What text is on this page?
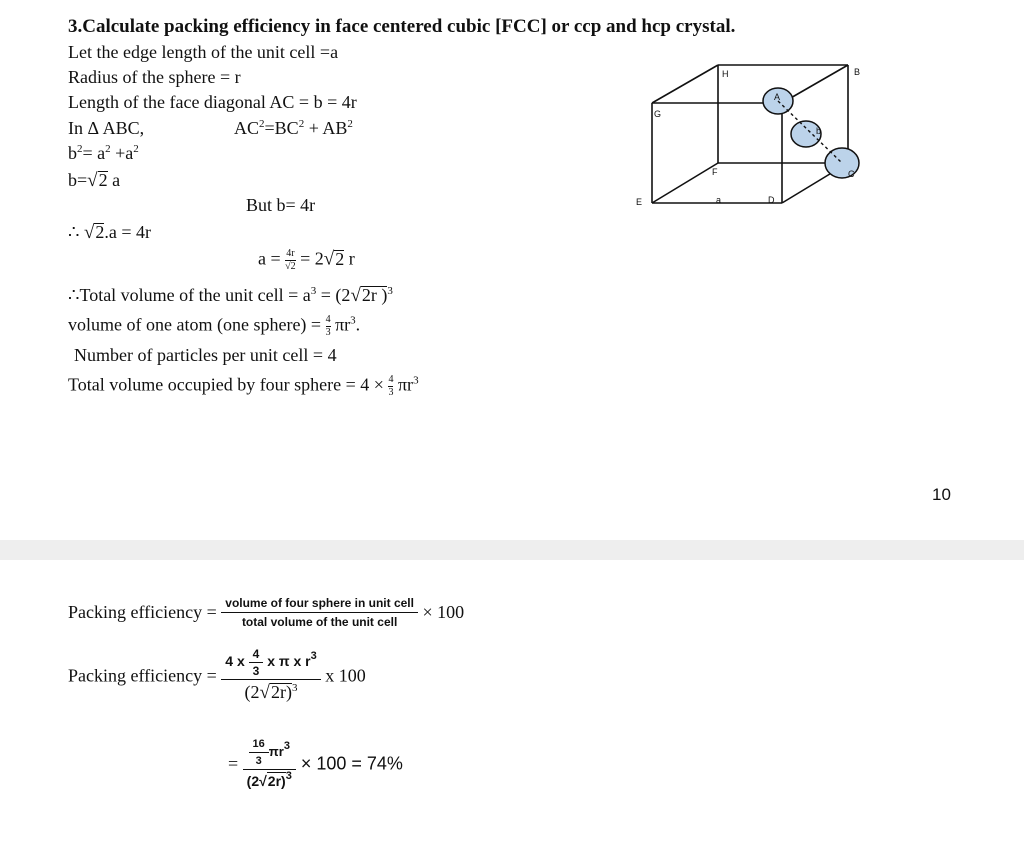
3.Calculate packing efficiency in face centered cubic [FCC] or ccp and hcp crystal.
Let the edge length of the unit cell =a
Radius of the sphere = r
Length of the face diagonal AC = b = 4r
In Δ ABC,	$AC^2=BC^2 + AB^2$
$b^2= a^2 +a^2$
b=√2 a
But b= 4r
∴ √2.a = 4r
$a = \frac{4r}{√2} = 2√2$ r
∴Total volume of the unit cell = $a^3 = (2√2r$ )$^3$
volume of one atom (one sphere) = $\frac{4}{3} \pi r^3$.
Number of particles per unit cell = 4
Total volume occupied by four sphere = $4 \times \frac{4}{3} \pi r^3$
H	B
G
A
b
C
F
E	a	D
10
Packing efficiency = $\frac{\text{volume of four sphere in unit cell}}{\text{total volume of the unit cell}} \times 100$
Packing efficiency = $\frac{4 x \frac{4}{3} x \pi x r^3}{(2√2r)^3}$ x 100
= $\frac{\frac{16}{3} \pi r^3}{(2√2r)^3} \times 100 = 74\%$
